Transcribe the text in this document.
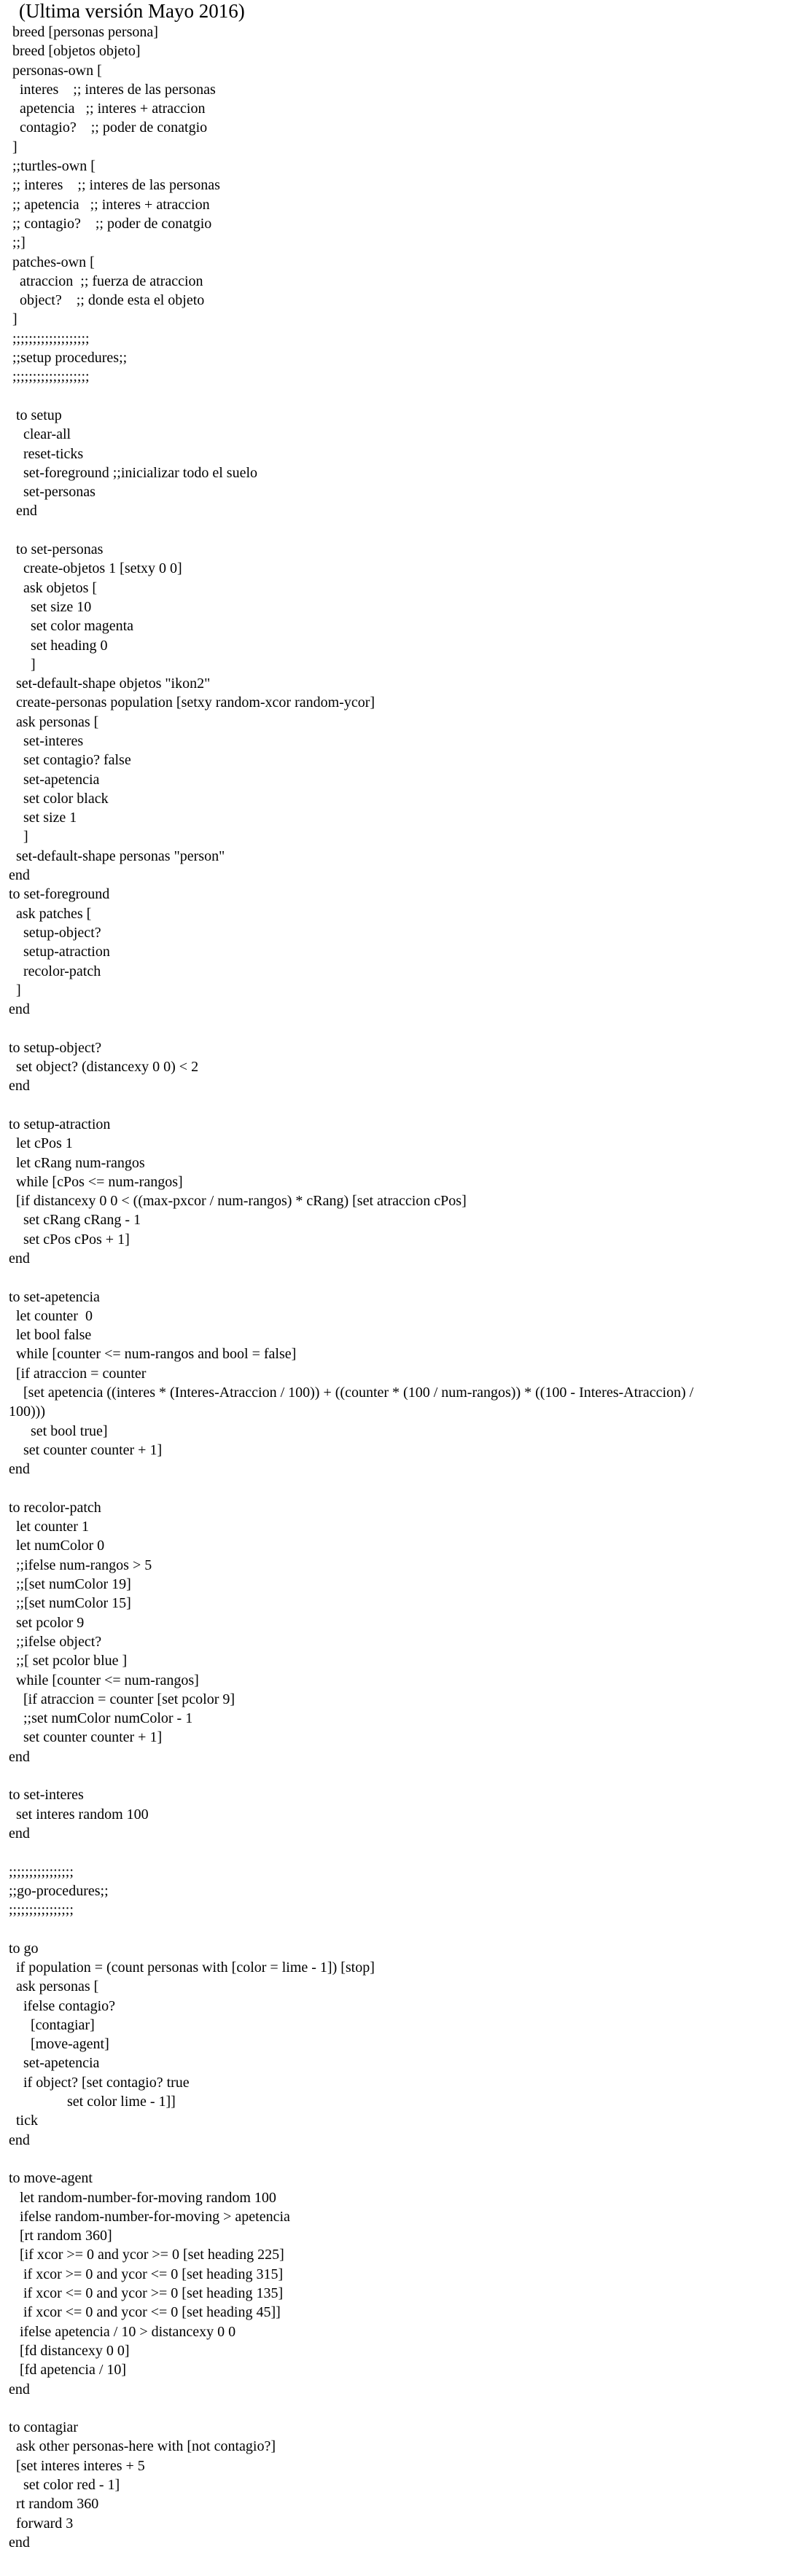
(Ultima versión Mayo 2016)
breed [personas persona]
breed [objetos objeto]
personas-own [
interes    ;; interes de las personas
apetencia   ;; interes + atraccion
contagio?    ;; poder de conatgio
]
;;turtles-own [
;; interes    ;; interes de las personas
;; apetencia   ;; interes + atraccion
;; contagio?    ;; poder de conatgio
;;]
patches-own [
atraccion  ;; fuerza de atraccion
object?    ;; donde esta el objeto
]
;;;;;;;;;;;;;;;;;;;
;;setup procedures;;
;;;;;;;;;;;;;;;;;;;
to setup
clear-all
reset-ticks
set-foreground ;;inicializar todo el suelo
set-personas
end
to set-personas
create-objetos 1 [setxy 0 0]
ask objetos [
set size 10
set color magenta
set heading 0
]
set-default-shape objetos "ikon2"
create-personas population [setxy random-xcor random-ycor]
ask personas [
set-interes
set contagio? false
set-apetencia
set color black
set size 1
]
set-default-shape personas "person"
end
to set-foreground
ask patches [
setup-object?
setup-atraction
recolor-patch
]
end
to setup-object?
set object? (distancexy 0 0) < 2
end
to setup-atraction
let cPos 1
let cRang num-rangos
while [cPos <= num-rangos]
[if distancexy 0 0 < ((max-pxcor / num-rangos) * cRang) [set atraccion cPos]
set cRang cRang - 1
set cPos cPos + 1]
end
to set-apetencia
let counter  0
let bool false
while [counter <= num-rangos and bool = false]
[if atraccion = counter
[set apetencia ((interes * (Interes-Atraccion / 100)) + ((counter * (100 / num-rangos)) * ((100 - Interes-Atraccion) /
100)))
set bool true]
set counter counter + 1]
end
to recolor-patch
let counter 1
let numColor 0
;;ifelse num-rangos > 5
;;[set numColor 19]
;;[set numColor 15]
set pcolor 9
;;ifelse object?
;;[ set pcolor blue ]
while [counter <= num-rangos]
[if atraccion = counter [set pcolor 9]
;;set numColor numColor - 1
set counter counter + 1]
end
to set-interes
set interes random 100
end
;;;;;;;;;;;;;;;;
;;go-procedures;;
;;;;;;;;;;;;;;;;
to go
if population = (count personas with [color = lime - 1]) [stop]
ask personas [
ifelse contagio?
[contagiar]
[move-agent]
set-apetencia
if object? [set contagio? true
set color lime - 1]]
tick
end
to move-agent
let random-number-for-moving random 100
ifelse random-number-for-moving > apetencia
[rt random 360]
[if xcor >= 0 and ycor >= 0 [set heading 225]
if xcor >= 0 and ycor <= 0 [set heading 315]
if xcor <= 0 and ycor >= 0 [set heading 135]
if xcor <= 0 and ycor <= 0 [set heading 45]]
ifelse apetencia / 10 > distancexy 0 0
[fd distancexy 0 0]
[fd apetencia / 10]
end
to contagiar
ask other personas-here with [not contagio?]
[set interes interes + 5
set color red - 1]
rt random 360
forward 3
end
